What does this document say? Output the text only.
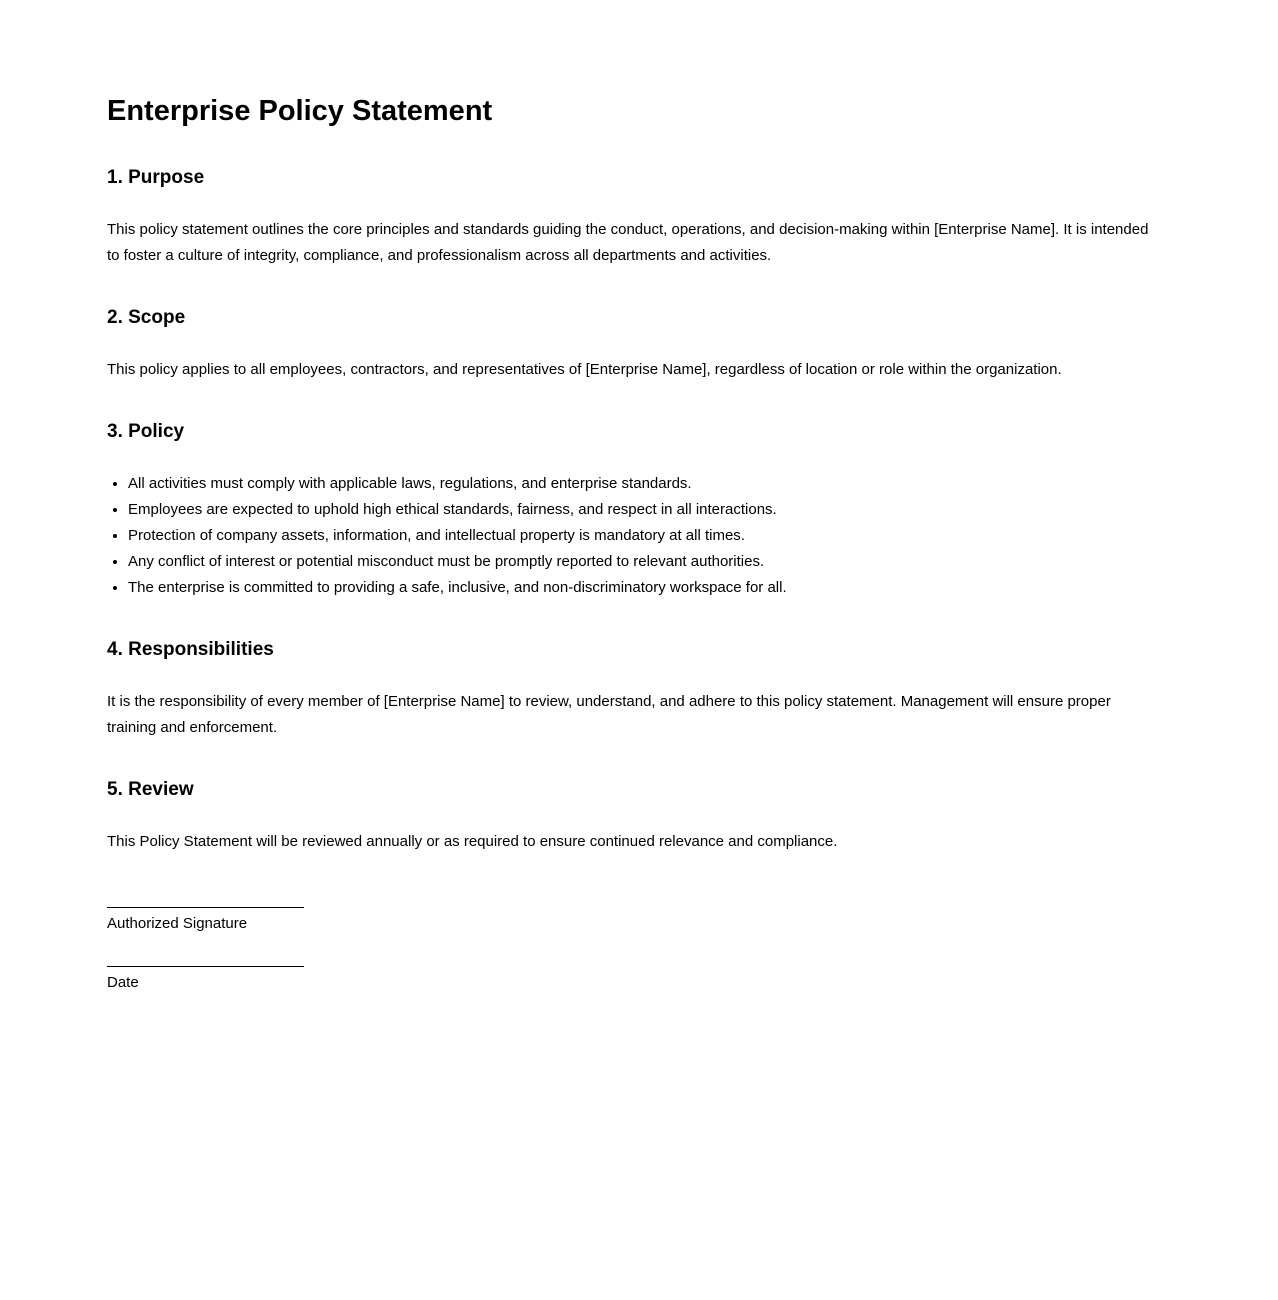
Enterprise Policy Statement
1. Purpose

This policy statement outlines the core principles and standards guiding the conduct, operations, and decision-making within [Enterprise Name]. It is intended to foster a culture of integrity, compliance, and professionalism across all departments and activities.

2. Scope

This policy applies to all employees, contractors, and representatives of [Enterprise Name], regardless of location or role within the organization.

3. Policy
• All activities must comply with applicable laws, regulations, and enterprise standards.
• Employees are expected to uphold high ethical standards, fairness, and respect in all interactions.
• Protection of company assets, information, and intellectual property is mandatory at all times.
• Any conflict of interest or potential misconduct must be promptly reported to relevant authorities.
• The enterprise is committed to providing a safe, inclusive, and non-discriminatory workspace for all.
4. Responsibilities

It is the responsibility of every member of [Enterprise Name] to review, understand, and adhere to this policy statement. Management will ensure proper training and enforcement.

5. Review

This Policy Statement will be reviewed annually or as required to ensure continued relevance and compliance.

Authorized Signature

Date
